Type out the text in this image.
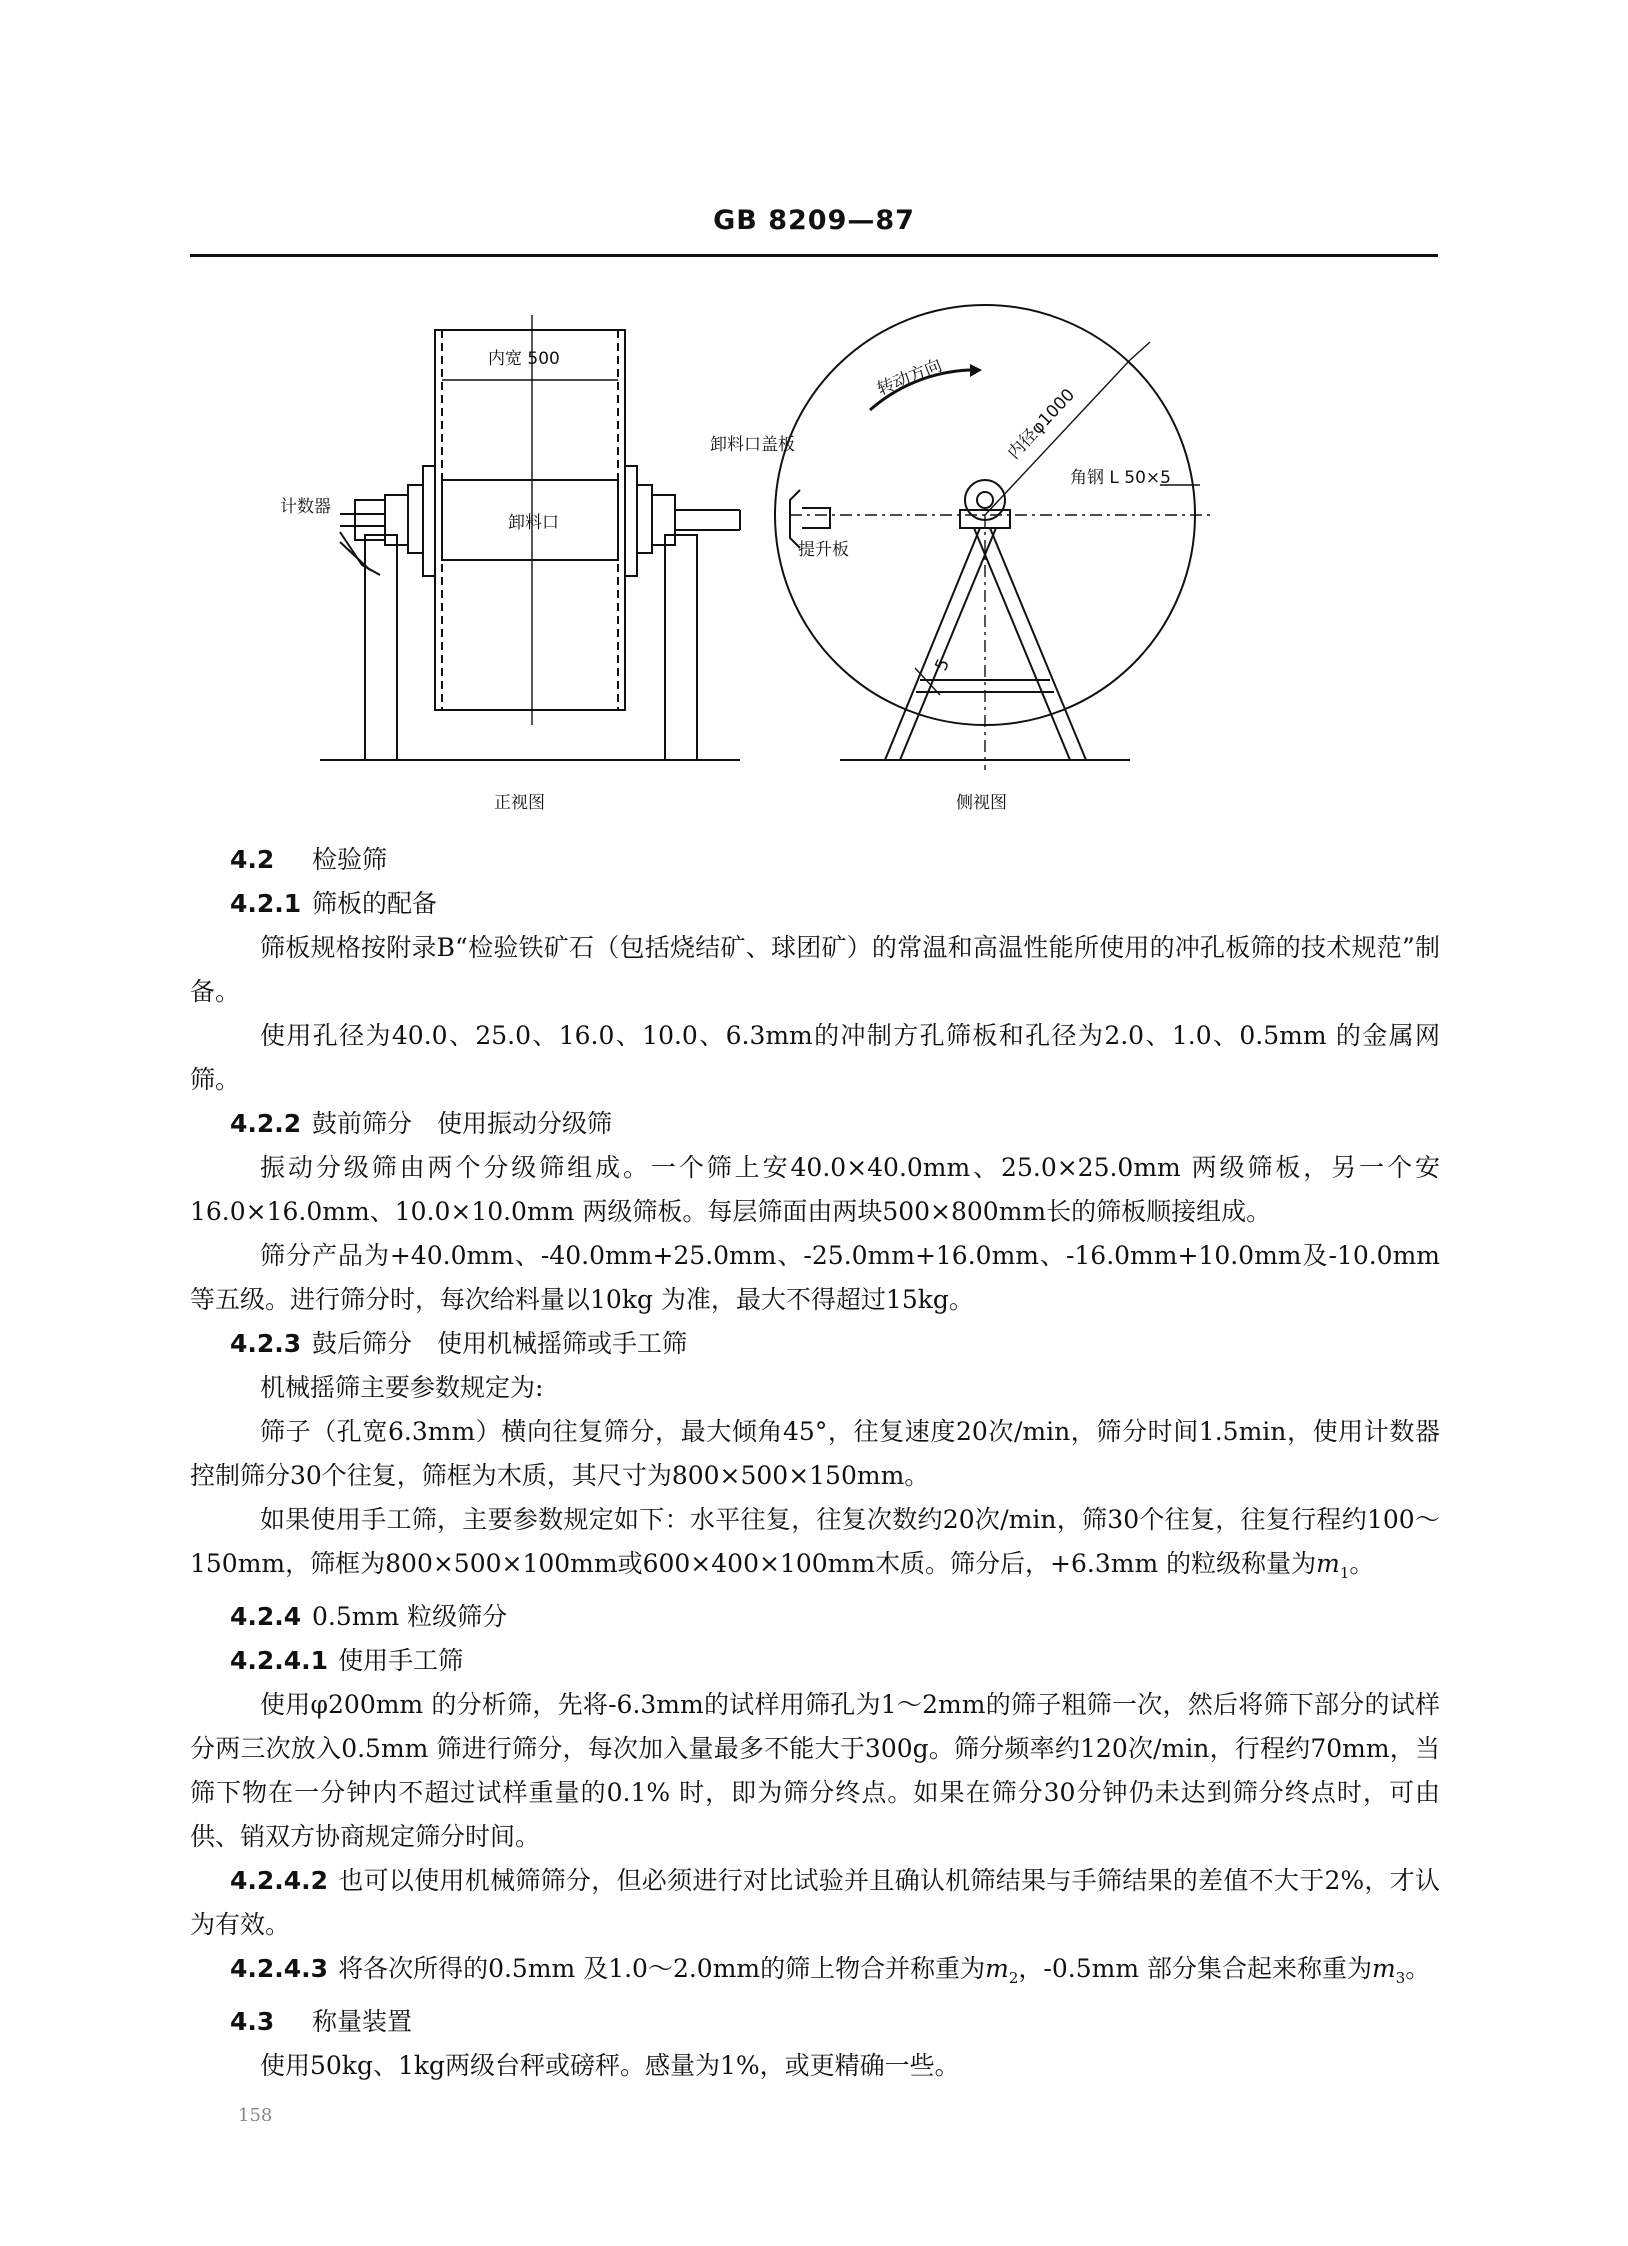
GB 8209—87
内宽 500
计数器
卸料口
正视图
转动方向
内径φ1000
卸料口盖板
角钢 L 50×5
提升板
5
侧视图

4.2 检验筛

4.2.1 筛板的配备

筛板规格按附录B“检验铁矿石（包括烧结矿、球团矿）的常温和高温性能所使用的冲孔板筛的技术规范”制备。

使用孔径为40.0、25.0、16.0、10.0、6.3mm的冲制方孔筛板和孔径为2.0、1.0、0.5mm 的金属网筛。

4.2.2 鼓前筛分　使用振动分级筛

振动分级筛由两个分级筛组成。一个筛上安40.0×40.0mm、25.0×25.0mm 两级筛板，另一个安16.0×16.0mm、10.0×10.0mm 两级筛板。每层筛面由两块500×800mm长的筛板顺接组成。

筛分产品为+40.0mm、-40.0mm+25.0mm、-25.0mm+16.0mm、-16.0mm+10.0mm及-10.0mm 等五级。进行筛分时，每次给料量以10kg 为准，最大不得超过15kg。

4.2.3 鼓后筛分　使用机械摇筛或手工筛

机械摇筛主要参数规定为:

筛子（孔宽6.3mm）横向往复筛分，最大倾角45°，往复速度20次/min，筛分时间1.5min，使用计数器控制筛分30个往复，筛框为木质，其尺寸为800×500×150mm。

如果使用手工筛，主要参数规定如下：水平往复，往复次数约20次/min，筛30个往复，往复行程约100～150mm，筛框为800×500×100mm或600×400×100mm木质。筛分后，+6.3mm 的粒级称量为$m_1$。

4.2.4 0.5mm 粒级筛分

4.2.4.1 使用手工筛

使用φ200mm 的分析筛，先将-6.3mm的试样用筛孔为1～2mm的筛子粗筛一次，然后将筛下部分的试样分两三次放入0.5mm 筛进行筛分，每次加入量最多不能大于300g。筛分频率约120次/min，行程约70mm，当筛下物在一分钟内不超过试样重量的0.1% 时，即为筛分终点。如果在筛分30分钟仍未达到筛分终点时，可由供、销双方协商规定筛分时间。

4.2.4.2 也可以使用机械筛筛分，但必须进行对比试验并且确认机筛结果与手筛结果的差值不大于2%，才认为有效。

4.2.4.3 将各次所得的0.5mm 及1.0～2.0mm的筛上物合并称重为$m_2$，-0.5mm 部分集合起来称重为$m_3$。

4.3 称量装置

使用50kg、1kg两级台秤或磅秤。感量为1%，或更精确一些。

158
